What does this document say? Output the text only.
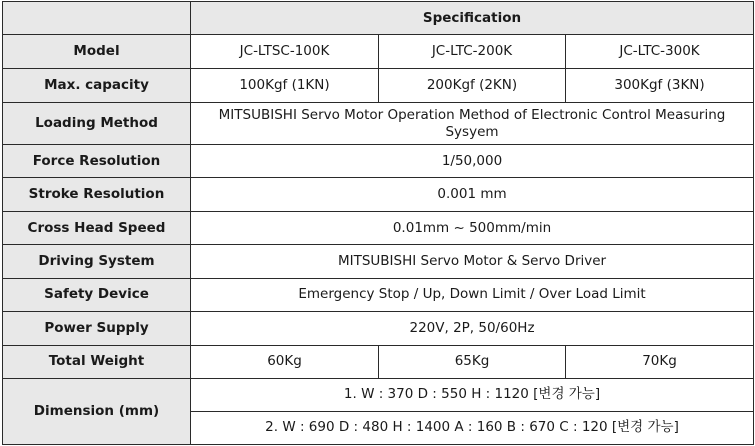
	Specification		
Model	JC-LTSC-100K	JC-LTC-200K	JC-LTC-300K
Max. capacity	100Kgf (1KN)	200Kgf (2KN)	300Kgf (3KN)
Loading Method	MITSUBISHI Servo Motor Operation Method of Electronic Control Measuring Sysyem		
Force Resolution	1/50,000		
Stroke Resolution	0.001 mm		
Cross Head Speed	0.01mm ~ 500mm/min		
Driving System	MITSUBISHI Servo Motor & Servo Driver		
Safety Device	Emergency Stop / Up, Down Limit / Over Load Limit		
Power Supply	220V, 2P, 50/60Hz		
Total Weight	60Kg	65Kg	70Kg
Dimension (mm)	1. W : 370 D : 550 H : 1120 [변경 가능]		
	2. W : 690 D : 480 H : 1400 A : 160 B : 670 C : 120 [변경 가능]		
